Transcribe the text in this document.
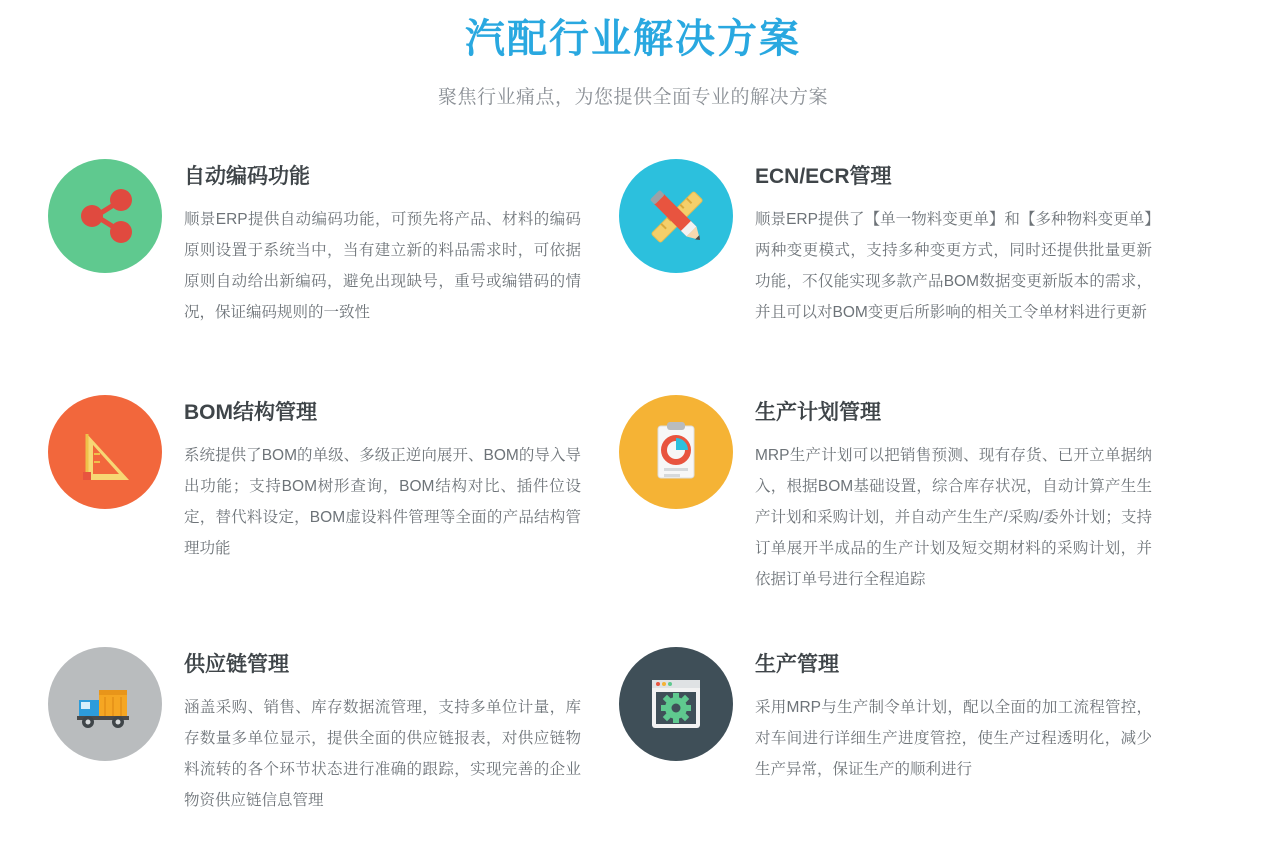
汽配行业解决方案

聚焦行业痛点，为您提供全面专业的解决方案

自动编码功能

顺景ERP提供自动编码功能，可预先将产品、材料的编码原则设置于系统当中，当有建立新的料品需求时，可依据原则自动给出新编码，避免出现缺号，重号或编错码的情况，保证编码规则的一致性

ECN/ECR管理

顺景ERP提供了【单一物料变更单】和【多种物料变更单】两种变更模式，支持多种变更方式，同时还提供批量更新功能，不仅能实现多款产品BOM数据变更新版本的需求，并且可以对BOM变更后所影响的相关工令单材料进行更新

BOM结构管理

系统提供了BOM的单级、多级正逆向展开、BOM的导入导出功能；支持BOM树形查询，BOM结构对比、插件位设定，替代料设定，BOM虚设料件管理等全面的产品结构管理功能

生产计划管理

MRP生产计划可以把销售预测、现有存货、已开立单据纳入，根据BOM基础设置，综合库存状况，自动计算产生生产计划和采购计划，并自动产生生产/采购/委外计划；支持订单展开半成品的生产计划及短交期材料的采购计划，并依据订单号进行全程追踪

供应链管理

涵盖采购、销售、库存数据流管理，支持多单位计量，库存数量多单位显示，提供全面的供应链报表，对供应链物料流转的各个环节状态进行准确的跟踪，实现完善的企业物资供应链信息管理

生产管理

采用MRP与生产制令单计划，配以全面的加工流程管控，对车间进行详细生产进度管控，使生产过程透明化，减少生产异常，保证生产的顺利进行
